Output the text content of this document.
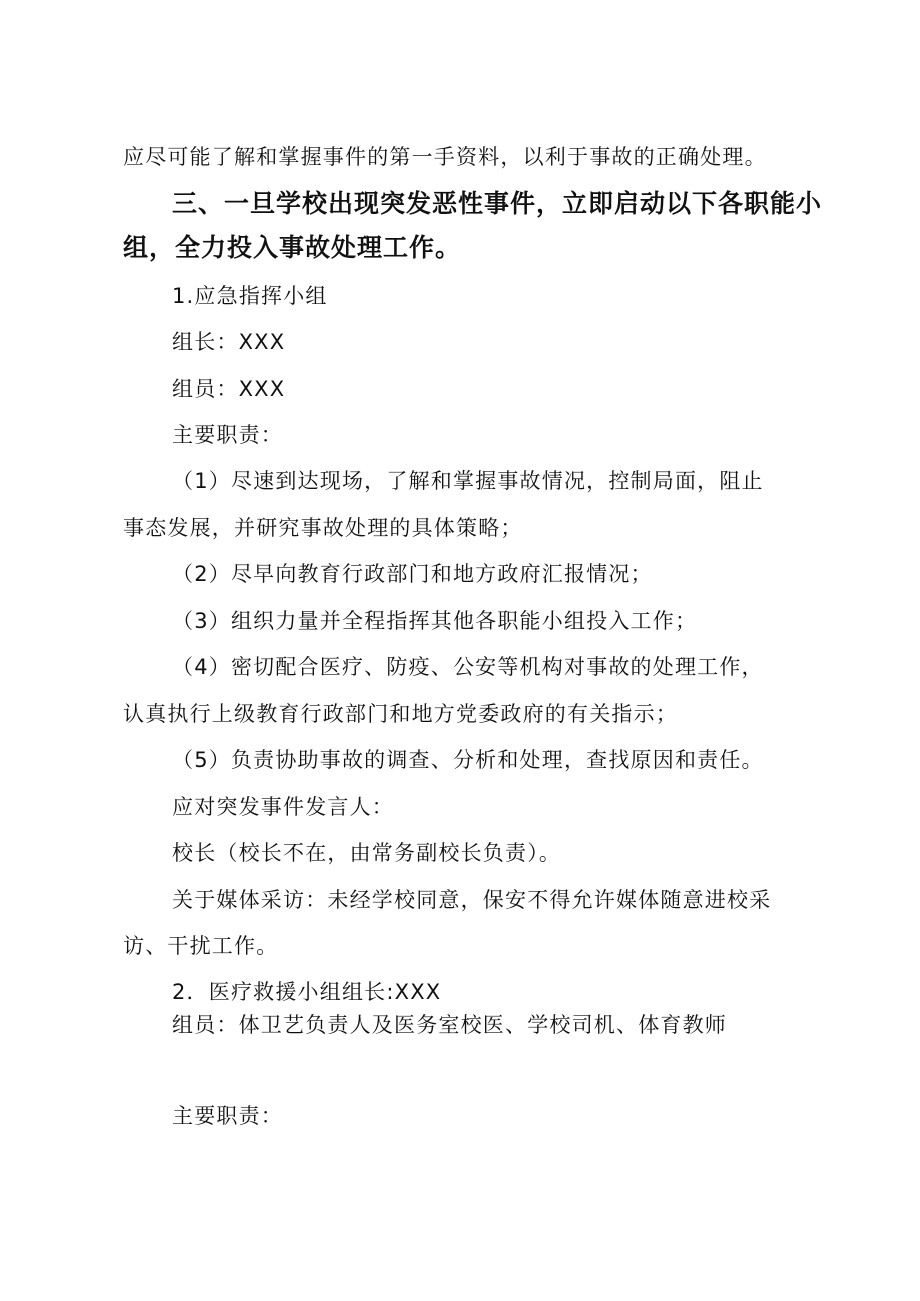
应尽可能了解和掌握事件的第一手资料，以利于事故的正确处理。
三、一旦学校出现突发恶性事件，立即启动以下各职能小
组，全力投入事故处理工作。
1.应急指挥小组
组长：XXX
组员：XXX
主要职责：
（1）尽速到达现场，了解和掌握事故情况，控制局面，阻止
事态发展，并研究事故处理的具体策略；
（2）尽早向教育行政部门和地方政府汇报情况；
（3）组织力量并全程指挥其他各职能小组投入工作；
（4）密切配合医疗、防疫、公安等机构对事故的处理工作，
认真执行上级教育行政部门和地方党委政府的有关指示；
（5）负责协助事故的调查、分析和处理，查找原因和责任。
应对突发事件发言人：
校长（校长不在，由常务副校长负责）。
关于媒体采访：未经学校同意，保安不得允许媒体随意进校采
访、干扰工作。
2．医疗救援小组组长:XXX
组员：体卫艺负责人及医务室校医、学校司机、体育教师
主要职责：
